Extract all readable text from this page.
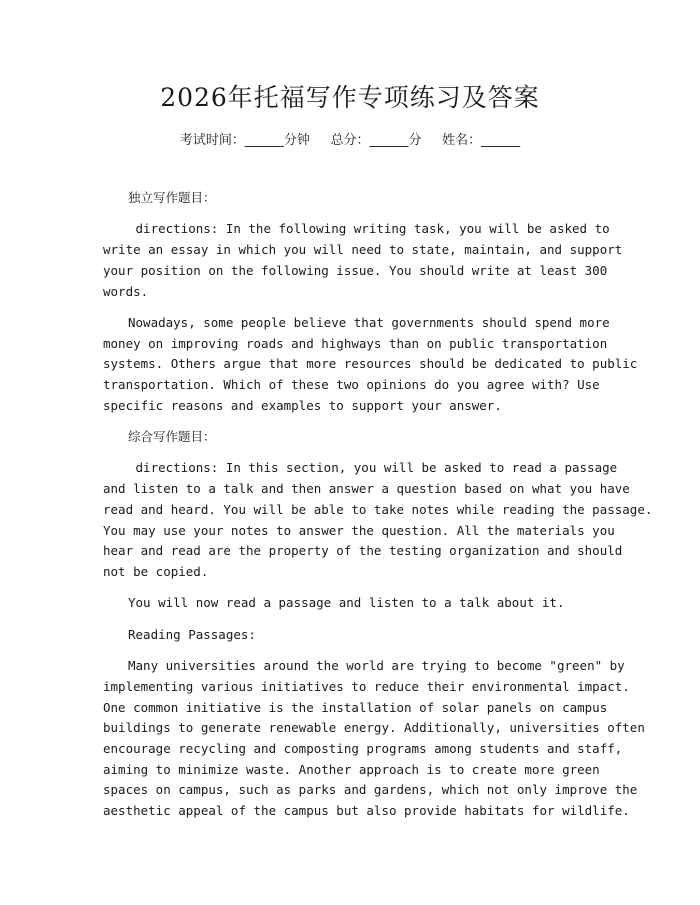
2026年托福写作专项练习及答案
考试时间：______分钟     总分：______分     姓名：______
独立写作题目：
directions: In the following writing task, you will be asked to
write an essay in which you will need to state, maintain, and support
your position on the following issue. You should write at least 300
words.
Nowadays, some people believe that governments should spend more
money on improving roads and highways than on public transportation
systems. Others argue that more resources should be dedicated to public
transportation. Which of these two opinions do you agree with? Use
specific reasons and examples to support your answer.
综合写作题目：
directions: In this section, you will be asked to read a passage
and listen to a talk and then answer a question based on what you have
read and heard. You will be able to take notes while reading the passage.
You may use your notes to answer the question. All the materials you
hear and read are the property of the testing organization and should
not be copied.
You will now read a passage and listen to a talk about it.
Reading Passages:
Many universities around the world are trying to become "green" by
implementing various initiatives to reduce their environmental impact.
One common initiative is the installation of solar panels on campus
buildings to generate renewable energy. Additionally, universities often
encourage recycling and composting programs among students and staff,
aiming to minimize waste. Another approach is to create more green
spaces on campus, such as parks and gardens, which not only improve the
aesthetic appeal of the campus but also provide habitats for wildlife.
